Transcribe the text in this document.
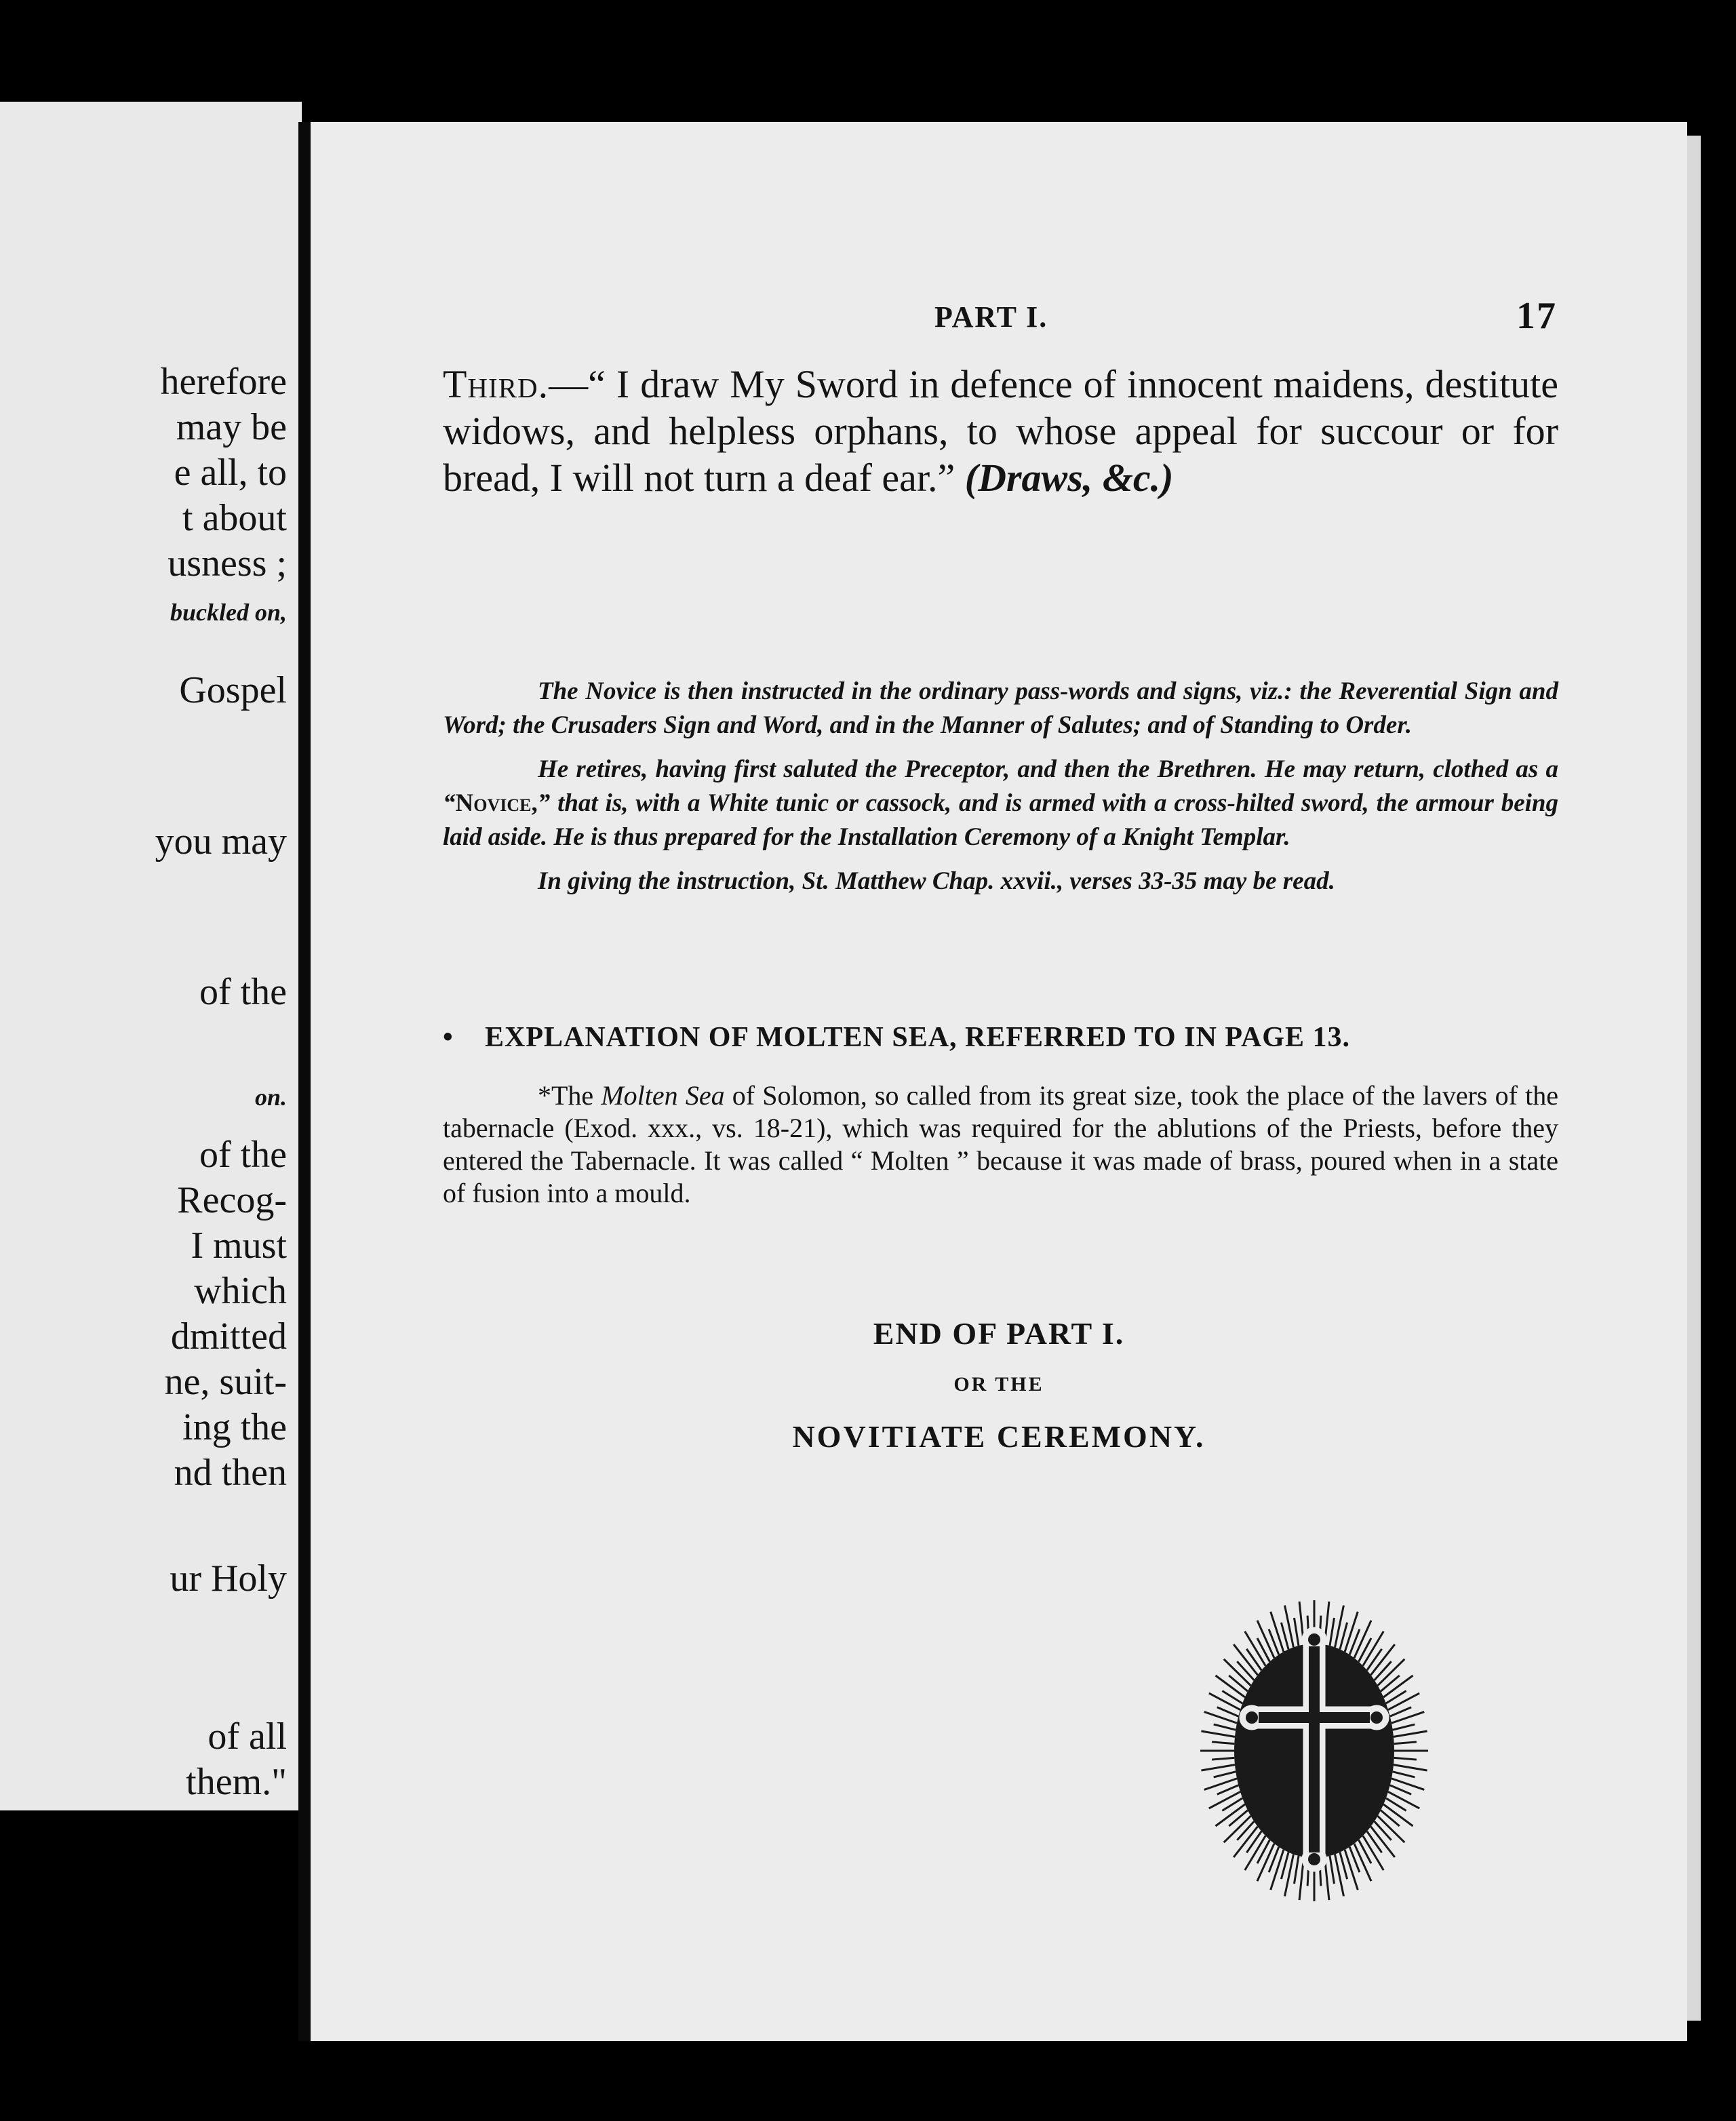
herefore
may be
e all, to
t about
usness ;
buckled on,
Gospel
you may
of the
on.
of the
Recog-
I must
which
dmitted
ne, suit-
ing the
nd then
ur Holy
of all
them."
PART I.	17
Third.—“ I draw My Sword in defence of innocent maidens, destitute widows, and helpless orphans, to whose appeal for succour or for bread, I will not turn a deaf ear.” (Draws, &c.)

The Novice is then instructed in the ordinary pass-words and signs, viz.: the Reverential Sign and Word; the Crusaders Sign and Word, and in the Manner of Salutes; and of Standing to Order.

He retires, having first saluted the Preceptor, and then the Brethren. He may return, clothed as a “Novice,” that is, with a White tunic or cassock, and is armed with a cross-hilted sword, the armour being laid aside. He is thus prepared for the Installation Ceremony of a Knight Templar.

In giving the instruction, St. Matthew Chap. xxvii., verses 33-35 may be read.

• EXPLANATION OF MOLTEN SEA, REFERRED TO IN PAGE 13.

*The Molten Sea of Solomon, so called from its great size, took the place of the lavers of the tabernacle (Exod. xxx., vs. 18-21), which was required for the ablutions of the Priests, before they entered the Tabernacle. It was called “ Molten ” because it was made of brass, poured when in a state of fusion into a mould.

END OF PART I.
OR THE
NOVITIATE CEREMONY.
